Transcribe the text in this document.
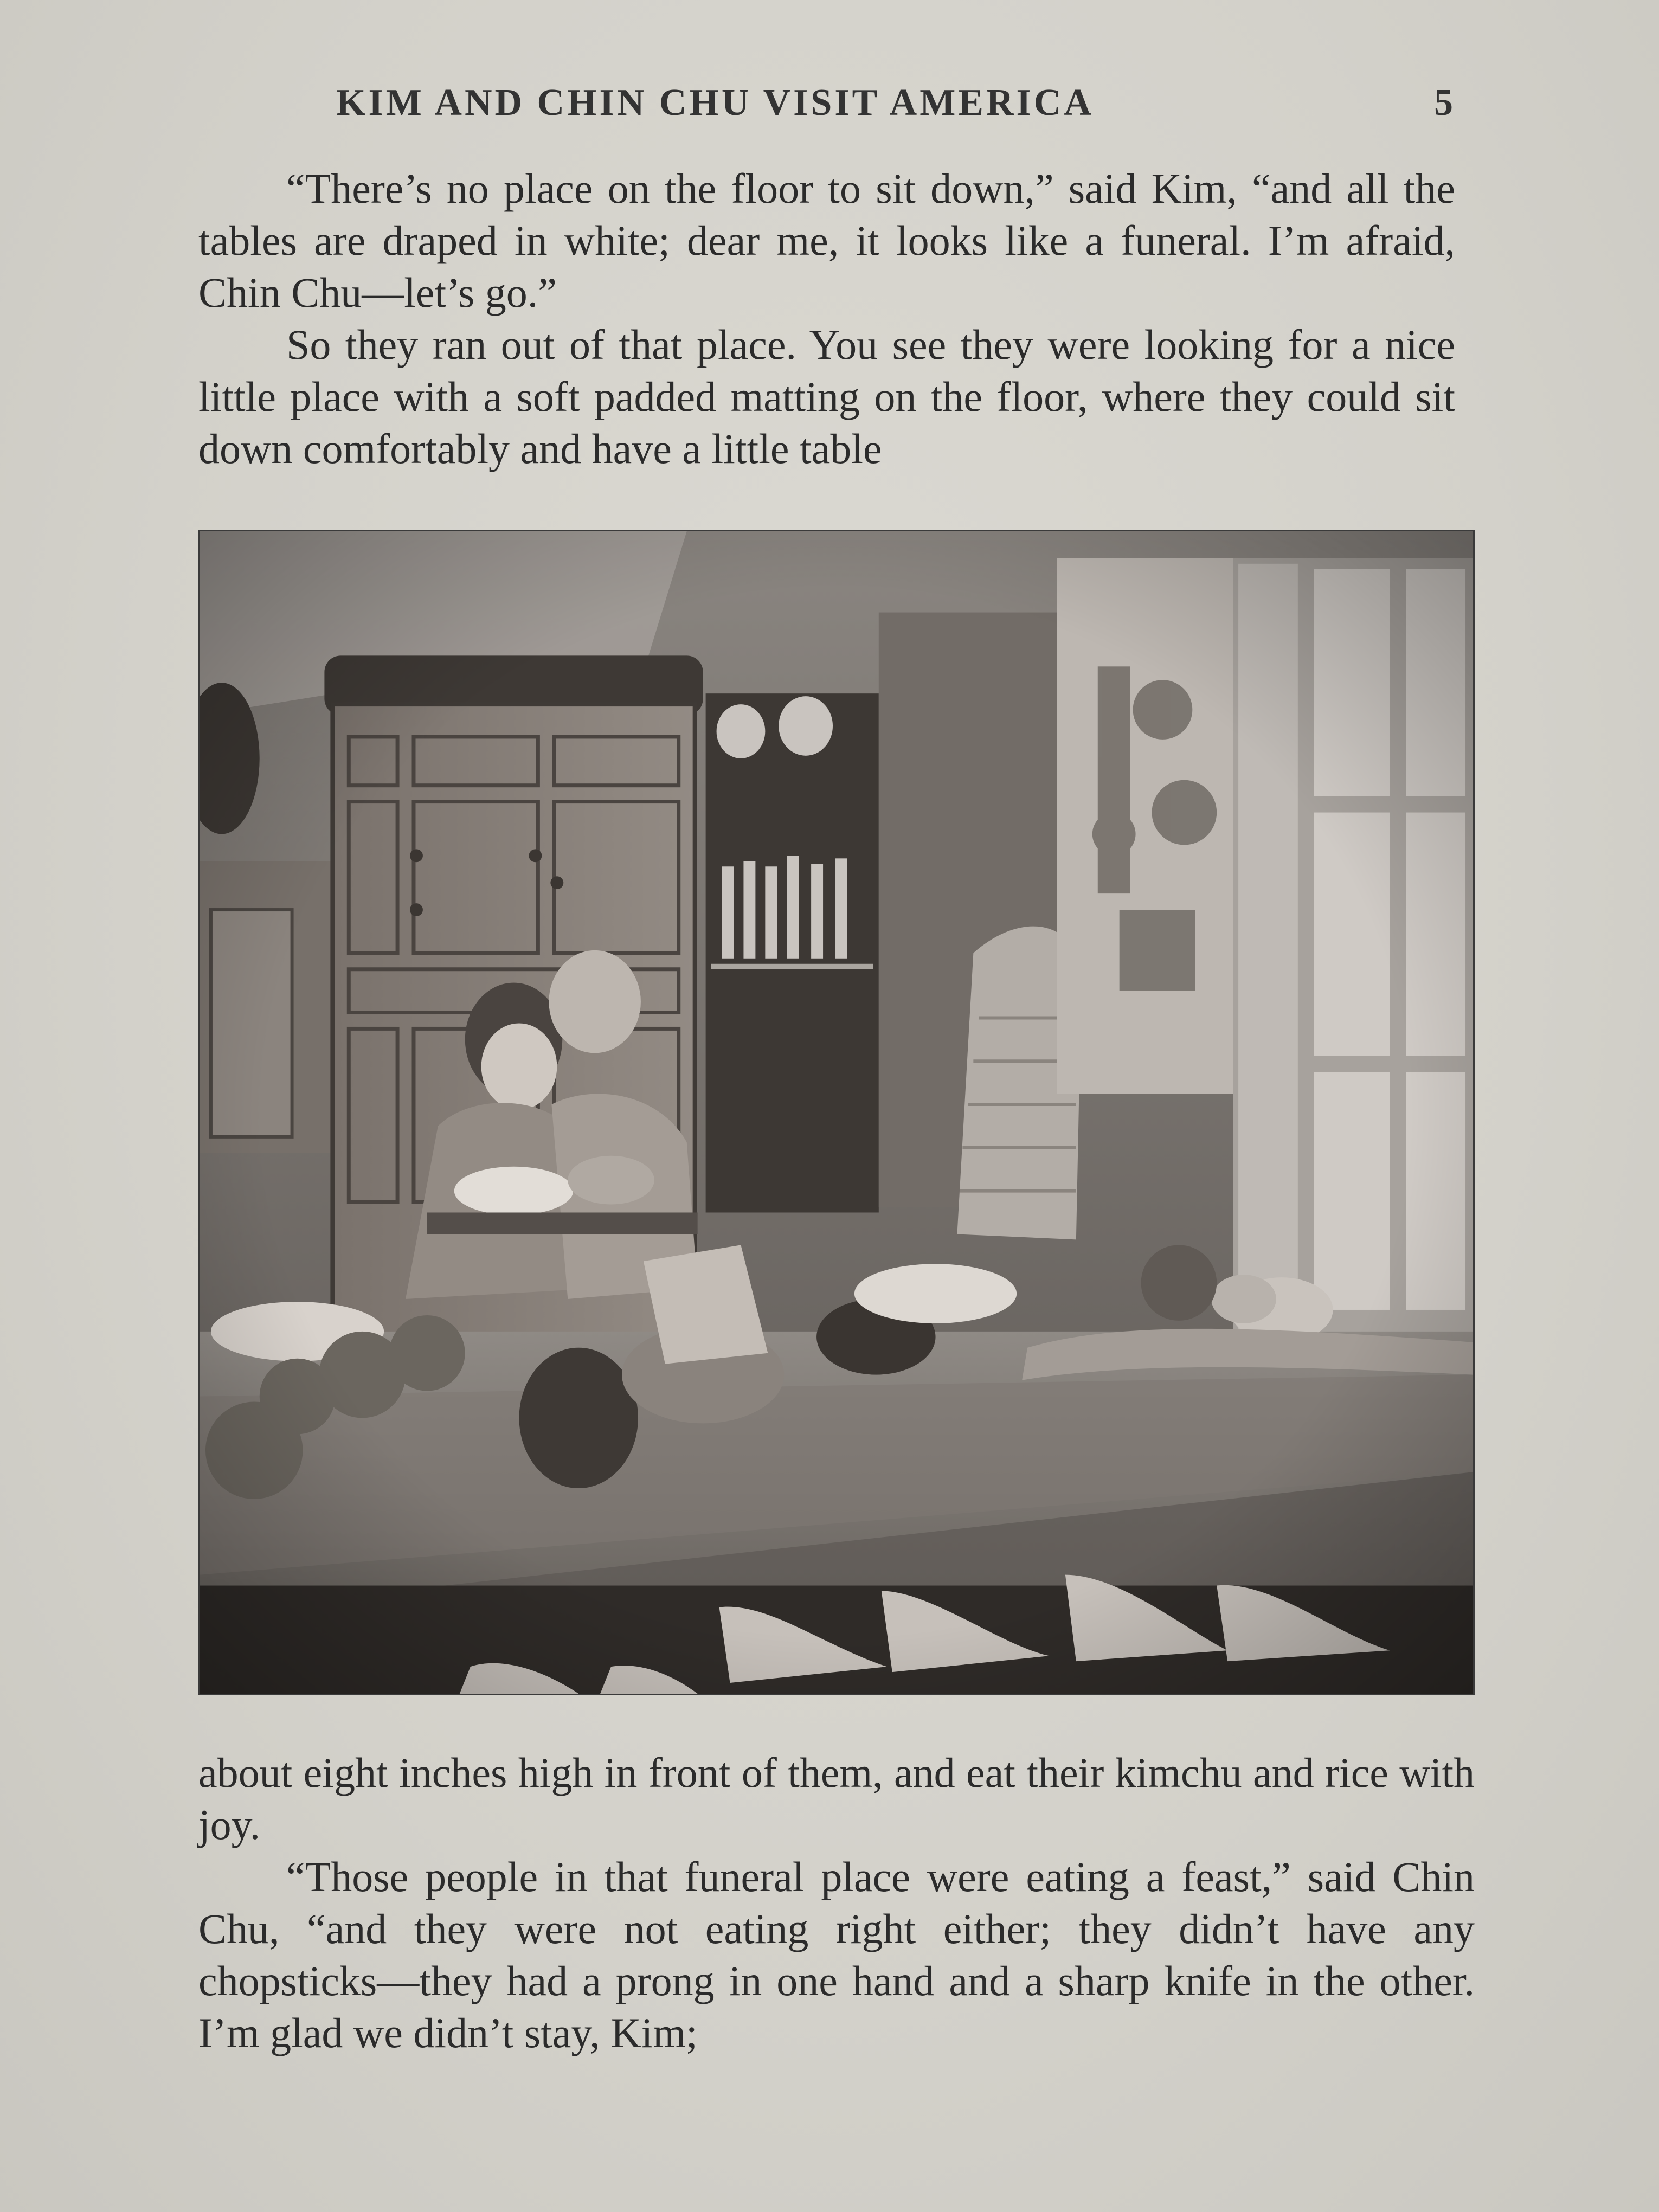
KIM AND CHIN CHU VISIT AMERICA	5

“There’s no place on the floor to sit down,” said Kim, “and all the tables are draped in white; dear me, it looks like a funeral. I’m afraid, Chin Chu—let’s go.”

So they ran out of that place. You see they were looking for a nice little place with a soft padded matting on the floor, where they could sit down comfortably and have a little table

about eight inches high in front of them, and eat their kimchu and rice with joy.

“Those people in that funeral place were eating a feast,” said Chin Chu, “and they were not eating right either; they didn’t have any chopsticks—they had a prong in one hand and a sharp knife in the other. I’m glad we didn’t stay, Kim;
